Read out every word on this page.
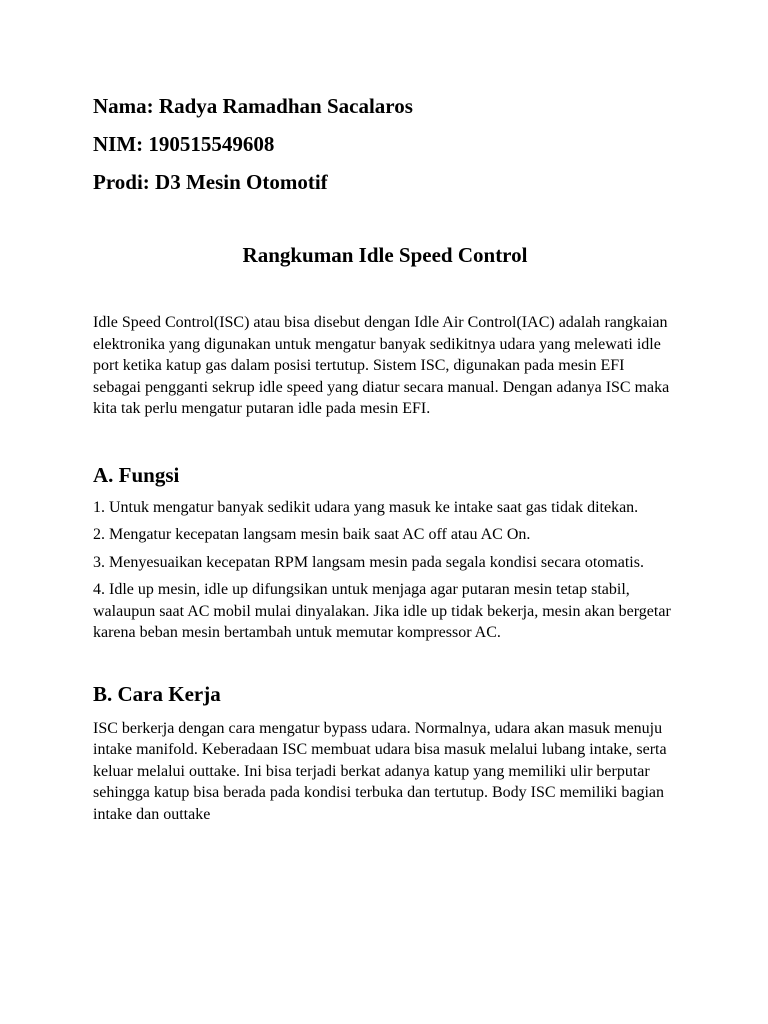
Nama: Radya Ramadhan Sacalaros

NIM: 190515549608

Prodi: D3 Mesin Otomotif

Rangkuman Idle Speed Control

Idle Speed Control(ISC) atau bisa disebut dengan Idle Air Control(IAC) adalah rangkaian elektronika yang digunakan untuk mengatur banyak sedikitnya udara yang melewati idle port ketika katup gas dalam posisi tertutup. Sistem ISC, digunakan pada mesin EFI sebagai pengganti sekrup idle speed yang diatur secara manual. Dengan adanya ISC maka kita tak perlu mengatur putaran idle pada mesin EFI.

A. Fungsi

1. Untuk mengatur banyak sedikit udara yang masuk ke intake saat gas tidak ditekan.

2. Mengatur kecepatan langsam mesin baik saat AC off atau AC On.

3. Menyesuaikan kecepatan RPM langsam mesin pada segala kondisi secara otomatis.

4. Idle up mesin, idle up difungsikan untuk menjaga agar putaran mesin tetap stabil, walaupun saat AC mobil mulai dinyalakan. Jika idle up tidak bekerja, mesin akan bergetar karena beban mesin bertambah untuk memutar kompressor AC.

B. Cara Kerja

ISC berkerja dengan cara mengatur bypass udara. Normalnya, udara akan masuk menuju intake manifold. Keberadaan ISC membuat udara bisa masuk melalui lubang intake, serta keluar melalui outtake. Ini bisa terjadi berkat adanya katup yang memiliki ulir berputar sehingga katup bisa berada pada kondisi terbuka dan tertutup. Body ISC memiliki bagian intake dan outtake
